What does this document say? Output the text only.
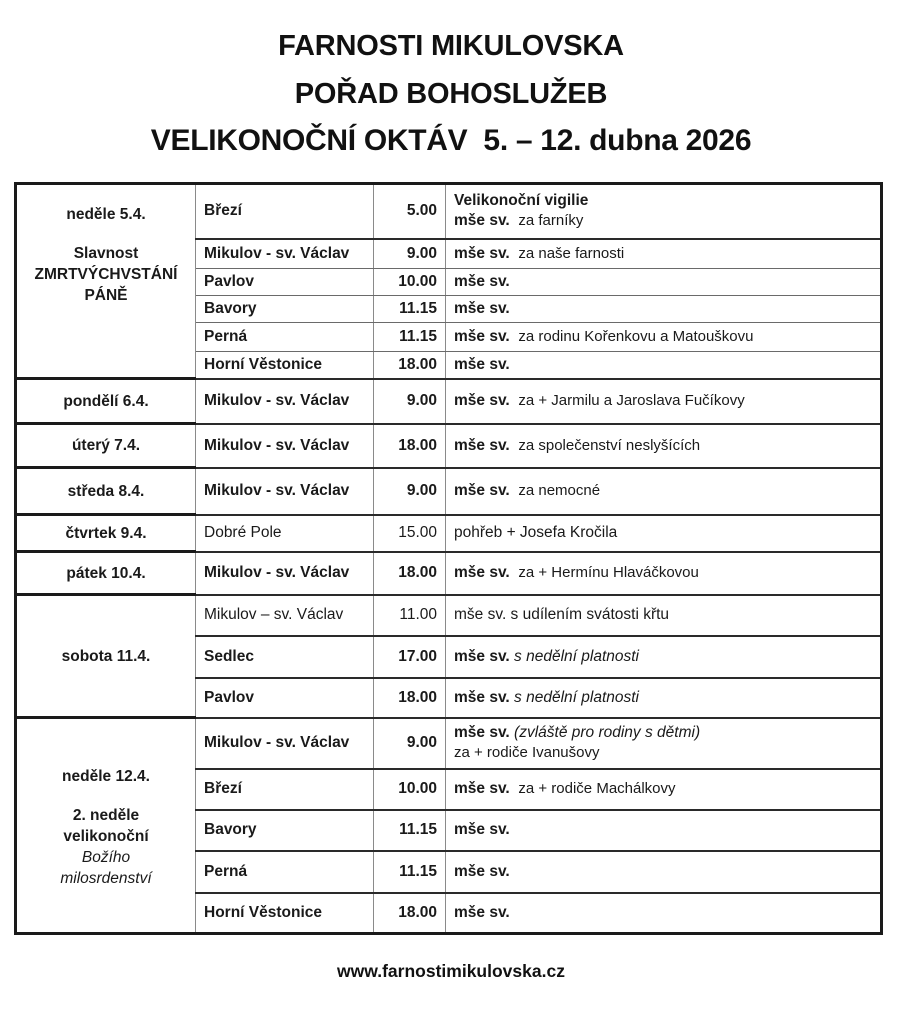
FARNOSTI MIKULOVSKA
POŘAD BOHOSLUŽEB
VELIKONOČNÍ OKTÁV  5. – 12. dubna 2026
neděle 5.4.
Slavnost
ZMRTVÝCHVSTÁNÍ
PÁNĚ	Březí	5.00	Velikonoční vigilie
mše sv. za farníky
	Mikulov - sv. Václav	9.00	mše sv. za naše farnosti
	Pavlov	10.00	mše sv.
	Bavory	11.15	mše sv.
	Perná	11.15	mše sv. za rodinu Kořenkovu a Matouškovu
	Horní Věstonice	18.00	mše sv.
pondělí 6.4.	Mikulov - sv. Václav	9.00	mše sv. za + Jarmilu a Jaroslava Fučíkovy
úterý 7.4.	Mikulov - sv. Václav	18.00	mše sv. za společenství neslyšících
středa 8.4.	Mikulov - sv. Václav	9.00	mše sv. za nemocné
čtvrtek 9.4.	Dobré Pole	15.00	pohřeb + Josefa Kročila
pátek 10.4.	Mikulov - sv. Václav	18.00	mše sv. za + Hermínu Hlaváčkovou
sobota 11.4.	Mikulov – sv. Václav	11.00	mše sv. s udílením svátosti křtu
	Sedlec	17.00	mše sv. s nedělní platnosti
	Pavlov	18.00	mše sv. s nedělní platnosti

neděle 12.4.
2. neděle
velikonoční
Božího
milosrdenství	Mikulov - sv. Václav	9.00	mše sv. (zvláště pro rodiny s dětmi)
za + rodiče Ivanušovy
	Březí	10.00	mše sv. za + rodiče Machálkovy
	Bavory	11.15	mše sv.
	Perná	11.15	mše sv.
	Horní Věstonice	18.00	mše sv.
www.farnostimikulovska.cz
